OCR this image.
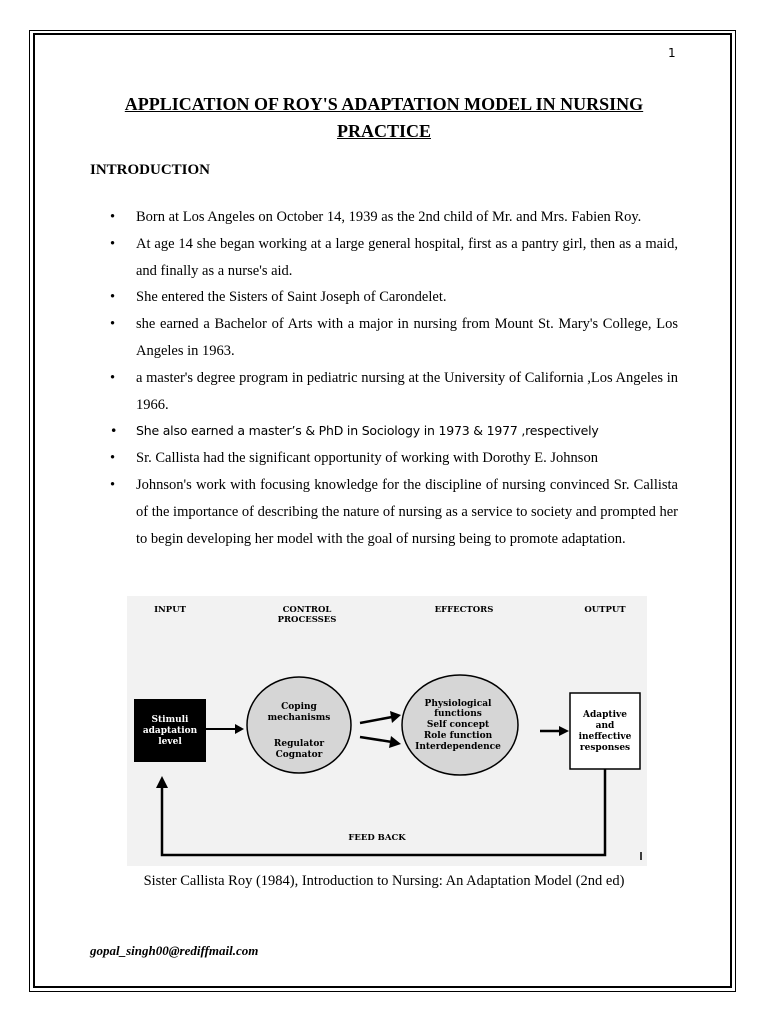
1
APPLICATION OF ROY'S ADAPTATION MODEL IN NURSING PRACTICE
INTRODUCTION
• Born at Los Angeles on October 14, 1939 as the 2nd child of Mr. and Mrs. Fabien Roy.
• At age 14 she began working at a large general hospital, first as a pantry girl, then as a maid, and finally as a nurse's aid.
• She entered the Sisters of Saint Joseph of Carondelet.
• she earned a Bachelor of Arts with a major in nursing from Mount St. Mary's College, Los Angeles in 1963.
• a master's degree program in pediatric nursing at the University of California ,Los Angeles in 1966.
• She also earned a master’s & PhD in Sociology in 1973 & 1977 ,respectively
• Sr. Callista had the significant opportunity of working with Dorothy E. Johnson
• Johnson's work with focusing knowledge for the discipline of nursing convinced Sr. Callista of the importance of describing the nature of nursing as a service to society and prompted her to begin developing her model with the goal of nursing being to promote adaptation.
INPUT	CONTROL
PROCESSES
EFFECTORS	OUTPUT
Stimuli
adaptation
level
Coping
mechanisms
Regulator
Cognator
Physiological
functions
Self concept
Role function
Interdependence
Adaptive
and
ineffective
responses
FEED BACK

Sister Callista Roy (1984), Introduction to Nursing: An Adaptation Model (2nd ed)

gopal_singh00@rediffmail.com
